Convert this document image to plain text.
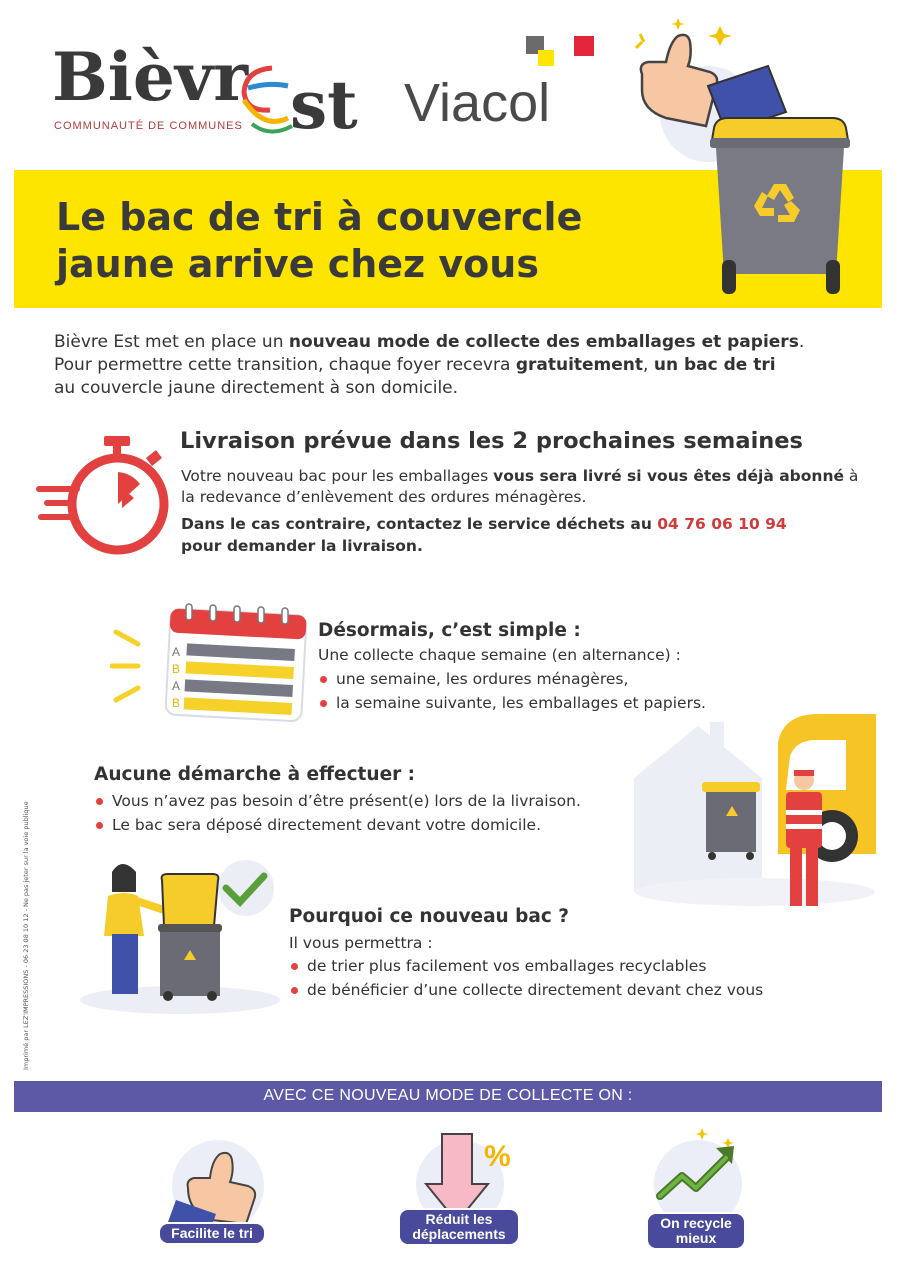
Bièvr st
COMMUNAUTÉ DE COMMUNES	Viacol
Le bac de tri à couvercle
jaune arrive chez vous
Bièvre Est met en place un nouveau mode de collecte des emballages et papiers.
Pour permettre cette transition, chaque foyer recevra gratuitement, un bac de tri
au couvercle jaune directement à son domicile.
Livraison prévue dans les 2 prochaines semaines
Votre nouveau bac pour les emballages vous sera livré si vous êtes déjà abonné à la redevance d’enlèvement des ordures ménagères.
Dans le cas contraire, contactez le service déchets au 04 76 06 10 94
pour demander la livraison.
A
B
A
B
Désormais, c’est simple :
Une collecte chaque semaine (en alternance) :
une semaine, les ordures ménagères,
la semaine suivante, les emballages et papiers.
Aucune démarche à effectuer :
Vous n’avez pas besoin d’être présent(e) lors de la livraison.
Le bac sera déposé directement devant votre domicile.
Pourquoi ce nouveau bac ?
Il vous permettra :
de trier plus facilement vos emballages recyclables
de bénéficier d’une collecte directement devant chez vous
Imprimé par LEZ'IMPRESSIONS - 06 23 08 10 12 - Ne pas jeter sur la voie publique
AVEC CE NOUVEAU MODE DE COLLECTE ON :
Facilite le tri
%
Réduit les
déplacements
On recycle
mieux
